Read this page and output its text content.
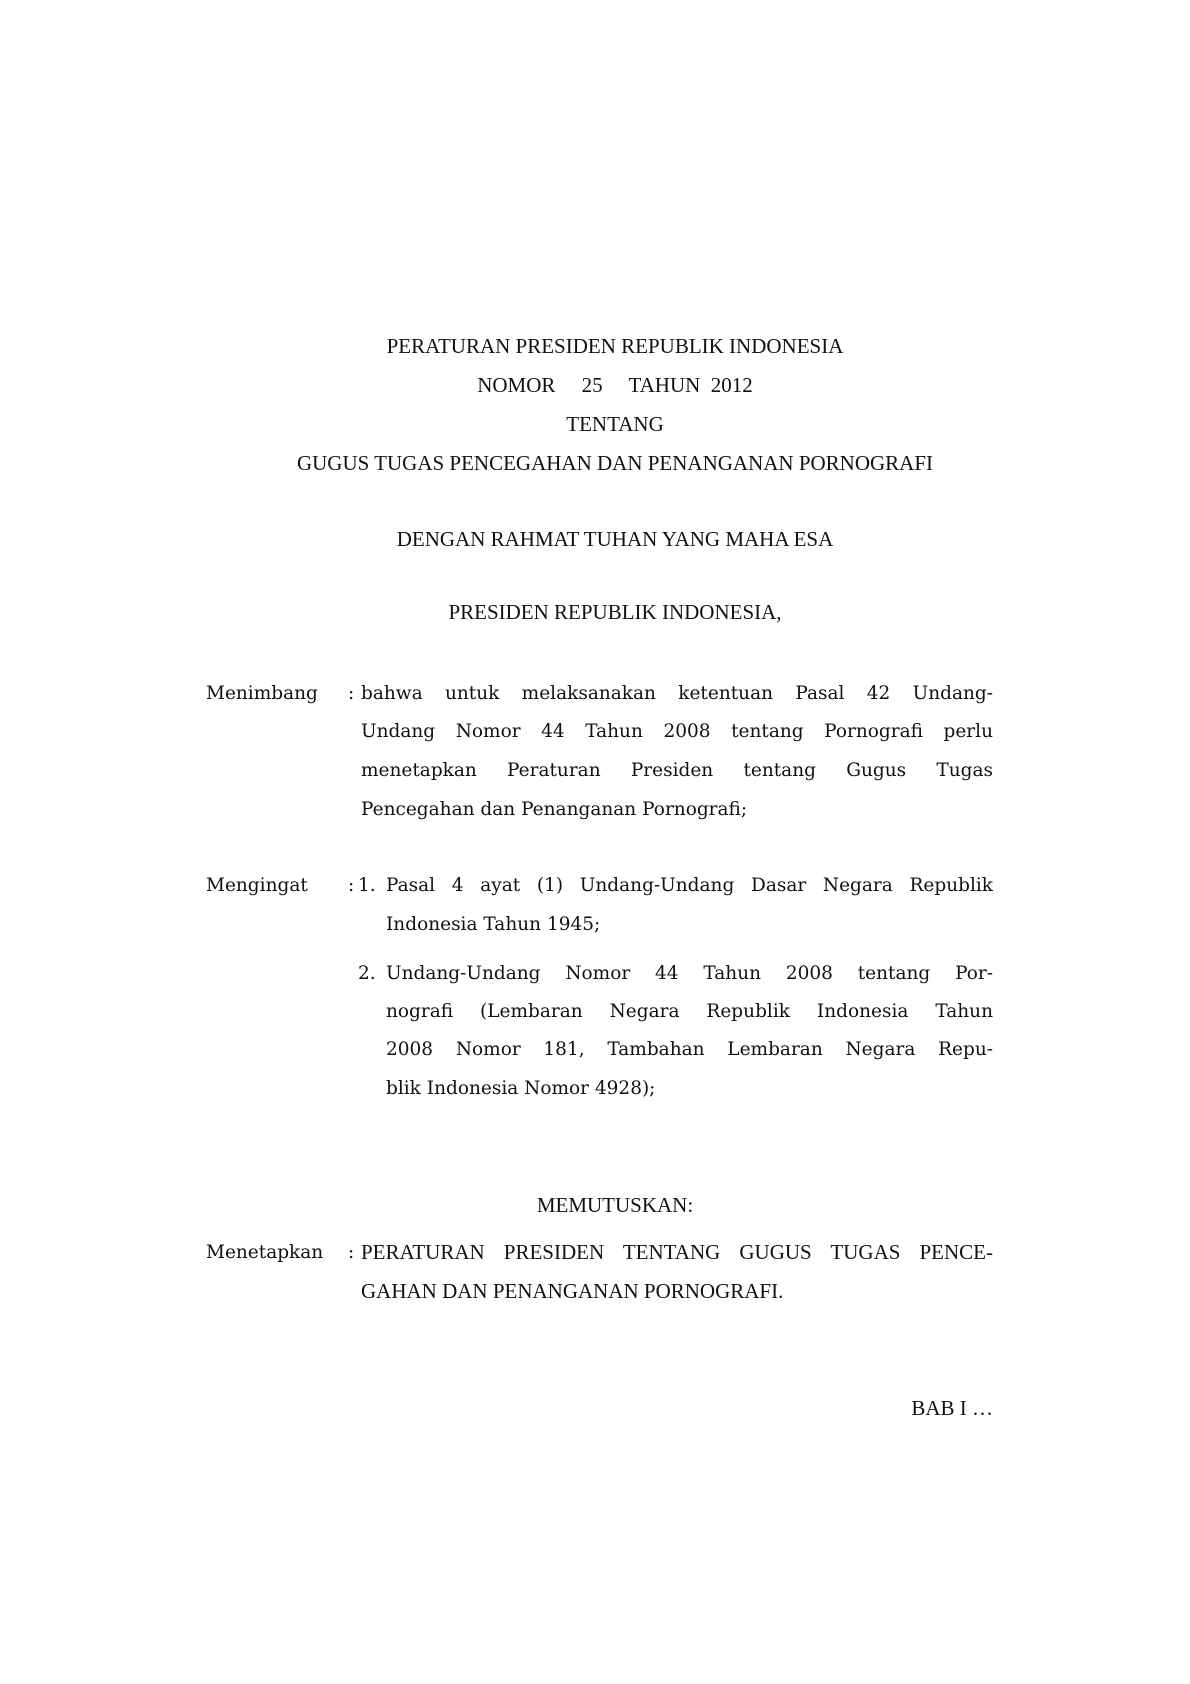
PERATURAN PRESIDEN REPUBLIK INDONESIA
NOMOR     25     TAHUN  2012
TENTANG
GUGUS TUGAS PENCEGAHAN DAN PENANGANAN PORNOGRAFI
DENGAN RAHMAT TUHAN YANG MAHA ESA
PRESIDEN REPUBLIK INDONESIA,
Menimbang : bahwa untuk melaksanakan ketentuan Pasal 42 Undang-
Undang Nomor 44 Tahun 2008 tentang Pornografi perlu
menetapkan Peraturan Presiden tentang Gugus Tugas
Pencegahan dan Penanganan Pornografi;
Mengingat : 1. Pasal 4 ayat (1) Undang-Undang Dasar Negara Republik
Indonesia Tahun 1945;
2. Undang-Undang Nomor 44 Tahun 2008 tentang Por-
nografi (Lembaran Negara Republik Indonesia Tahun
2008 Nomor 181, Tambahan Lembaran Negara Repu-
blik Indonesia Nomor 4928);
MEMUTUSKAN:
Menetapkan : PERATURAN PRESIDEN TENTANG GUGUS TUGAS PENCE-
GAHAN DAN PENANGANAN PORNOGRAFI.
BAB I …
